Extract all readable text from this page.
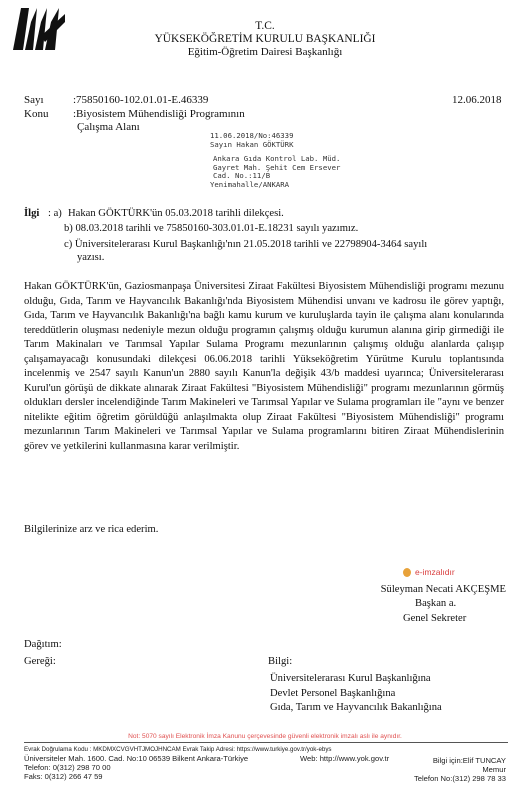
T.C.
YÜKSEKÖĞRETİM KURULU BAŞKANLIĞI
Eğitim-Öğretim Dairesi Başkanlığı
Sayı	:75850160-102.01.01-E.46339	12.06.2018
Konu :Biyosistem Mühendisliği Programının
Çalışma Alanı
11.06.2018/No:46339
Sayın Hakan GÖKTÜRK
Ankara Gıda Kontrol Lab. Müd.
Gayret Mah. Şehit Cem Ersever
Cad. No.:11/B
Yenimahalle/ANKARA
İlgi : a) Hakan GÖKTÜRK'ün 05.03.2018 tarihli dilekçesi.
b) 08.03.2018 tarihli ve 75850160-303.01.01-E.18231 sayılı yazımız.
c) Üniversitelerarası Kurul Başkanlığı'nın 21.05.2018 tarihli ve 22798904-3464 sayılı
yazısı.

Hakan GÖKTÜRK'ün, Gaziosmanpaşa Üniversitesi Ziraat Fakültesi Biyosistem Mühendisliği programı mezunu olduğu, Gıda, Tarım ve Hayvancılık Bakanlığı'nda Biyosistem Mühendisi unvanı ve kadrosu ile görev yaptığı, Gıda, Tarım ve Hayvancılık Bakanlığı'na bağlı kamu kurum ve kuruluşlarda tayin ile çalışma alanı konularında tereddütlerin oluşması nedeniyle mezun olduğu programın çalışmış olduğu kurumun alanına girip girmediği ile Tarım Makinaları ve Tarımsal Yapılar Sulama Programı mezunlarının çalışmış olduğu alanlarda çalışıp çalışamayacağı konusundaki dilekçesi 06.06.2018 tarihli Yükseköğretim Yürütme Kurulu toplantısında incelenmiş ve 2547 sayılı Kanun'un 2880 sayılı Kanun'la değişik 43/b maddesi uyarınca; Üniversitelerarası Kurul'un görüşü de dikkate alınarak Ziraat Fakültesi "Biyosistem Mühendisliği" programı mezunlarının görmüş oldukları dersler incelendiğinde Tarım Makineleri ve Tarımsal Yapılar ve Sulama programları ile "aynı ve benzer nitelikte eğitim öğretim görüldüğü anlaşılmakta olup Ziraat Fakültesi "Biyosistem Mühendisliği" programı mezunlarının Tarım Makineleri ve Tarımsal Yapılar ve Sulama programlarını bitiren Ziraat Mühendislerinin görev ve yetkilerini kullanmasına karar verilmiştir.

Bilgilerinize arz ve rica ederim.
e-imzalıdır
Süleyman Necati AKÇEŞME
Başkan a.
Genel Sekreter
Dağıtım:
Gereği:	Bilgi:
Üniversitelerarası Kurul Başkanlığına
Devlet Personel Başkanlığına
Gıda, Tarım ve Hayvancılık Bakanlığına
Not: 5070 sayılı Elektronik İmza Kanunu çerçevesinde güvenli elektronik imzalı aslı ile aynıdır.
Evrak Doğrulama Kodu : MKDMXCVGVHTJMOJHNCAM Evrak Takip Adresi: https://www.turkiye.gov.tr/yok-ebys
Üniversiteler Mah. 1600. Cad. No:10 06539 Bilkent Ankara-Türkiye	Web: http://www.yok.gov.tr
Telefon: 0(312) 298 70 00
Faks: 0(312) 266 47 59
Bilgi için:Elif TUNCAY
Memur
Telefon No:(312) 298 78 33
